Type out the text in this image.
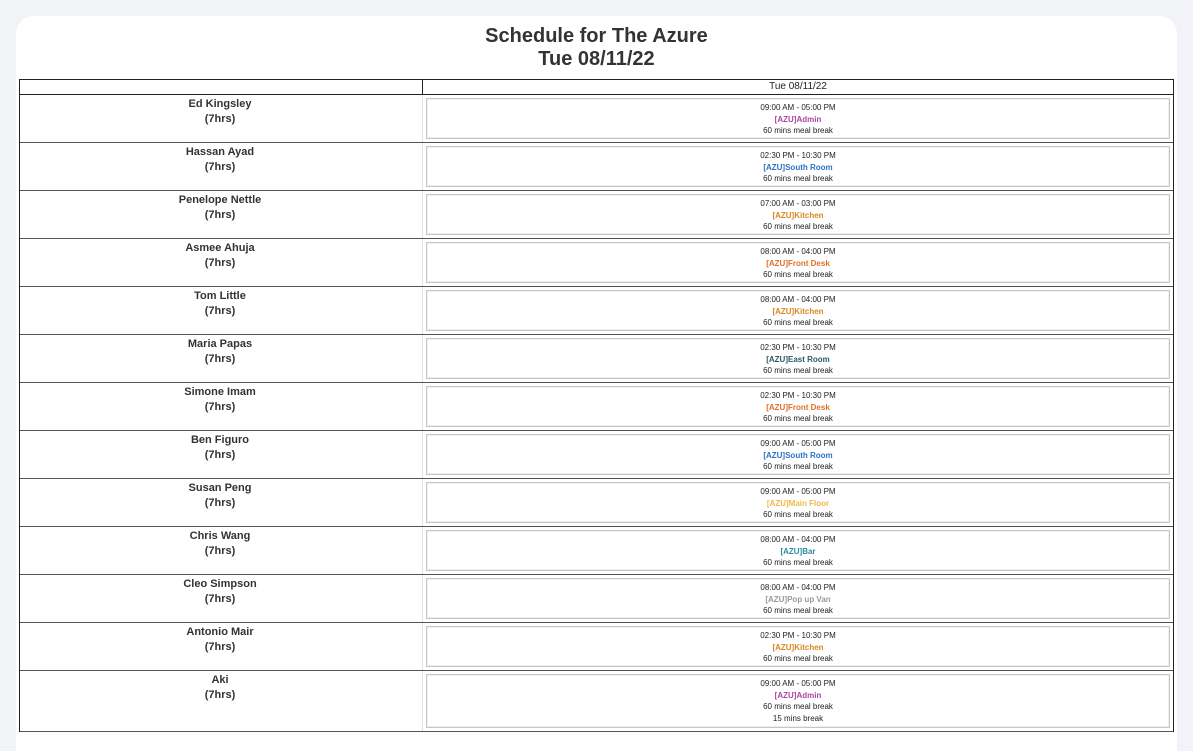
Schedule for The Azure
Tue 08/11/22
Tue 08/11/22
Ed Kingsley
(7hrs)
09:00 AM - 05:00 PM
[AZU]Admin
60 mins meal break
Hassan Ayad
(7hrs)
02:30 PM - 10:30 PM
[AZU]South Room
60 mins meal break
Penelope Nettle
(7hrs)
07:00 AM - 03:00 PM
[AZU]Kitchen
60 mins meal break
Asmee Ahuja
(7hrs)
08:00 AM - 04:00 PM
[AZU]Front Desk
60 mins meal break
Tom Little
(7hrs)
08:00 AM - 04:00 PM
[AZU]Kitchen
60 mins meal break
Maria Papas
(7hrs)
02:30 PM - 10:30 PM
[AZU]East Room
60 mins meal break
Simone Imam
(7hrs)
02:30 PM - 10:30 PM
[AZU]Front Desk
60 mins meal break
Ben Figuro
(7hrs)
09:00 AM - 05:00 PM
[AZU]South Room
60 mins meal break
Susan Peng
(7hrs)
09:00 AM - 05:00 PM
[AZU]Main Floor
60 mins meal break
Chris Wang
(7hrs)
08:00 AM - 04:00 PM
[AZU]Bar
60 mins meal break
Cleo Simpson
(7hrs)
08:00 AM - 04:00 PM
[AZU]Pop up Van
60 mins meal break
Antonio Mair
(7hrs)
02:30 PM - 10:30 PM
[AZU]Kitchen
60 mins meal break
Aki
(7hrs)
09:00 AM - 05:00 PM
[AZU]Admin
60 mins meal break
15 mins break
